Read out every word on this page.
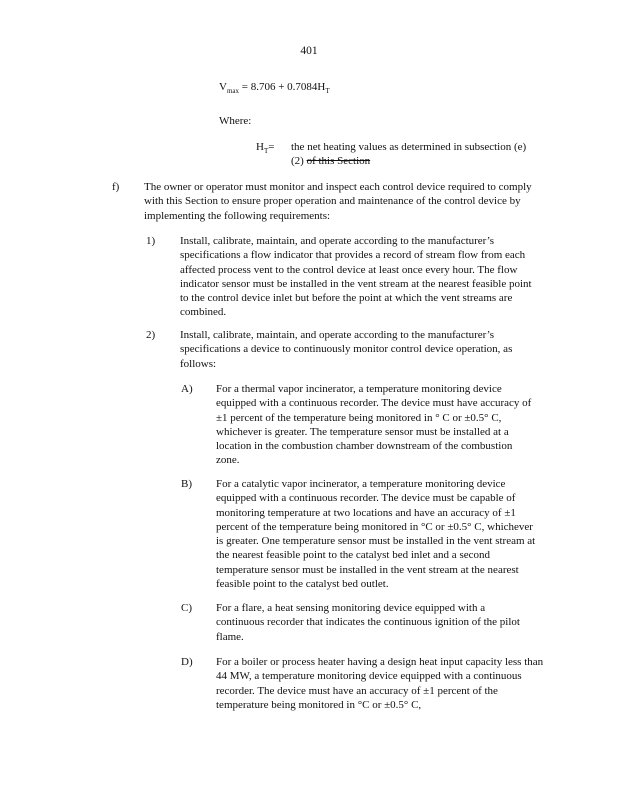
401
$V_{max} = 8.706 + 0.7084H_T$
Where:
$H_T=$ the net heating values as determined in subsection (e)(2) of this Section
f) The owner or operator must monitor and inspect each control device required to comply with this Section to ensure proper operation and maintenance of the control device by implementing the following requirements:
1) Install, calibrate, maintain, and operate according to the manufacturer’s specifications a flow indicator that provides a record of stream flow from each affected process vent to the control device at least once every hour. The flow indicator sensor must be installed in the vent stream at the nearest feasible point to the control device inlet but before the point at which the vent streams are combined.
2) Install, calibrate, maintain, and operate according to the manufacturer’s specifications a device to continuously monitor control device operation, as follows:
A) For a thermal vapor incinerator, a temperature monitoring device equipped with a continuous recorder. The device must have accuracy of ±1 percent of the temperature being monitored in ° C or ±0.5° C, whichever is greater. The temperature sensor must be installed at a location in the combustion chamber downstream of the combustion zone.
B) For a catalytic vapor incinerator, a temperature monitoring device equipped with a continuous recorder. The device must be capable of monitoring temperature at two locations and have an accuracy of ±1 percent of the temperature being monitored in °C or ±0.5° C, whichever is greater. One temperature sensor must be installed in the vent stream at the nearest feasible point to the catalyst bed inlet and a second temperature sensor must be installed in the vent stream at the nearest feasible point to the catalyst bed outlet.
C) For a flare, a heat sensing monitoring device equipped with a continuous recorder that indicates the continuous ignition of the pilot flame.
D) For a boiler or process heater having a design heat input capacity less than 44 MW, a temperature monitoring device equipped with a continuous recorder. The device must have an accuracy of ±1 percent of the temperature being monitored in °C or ±0.5° C,
